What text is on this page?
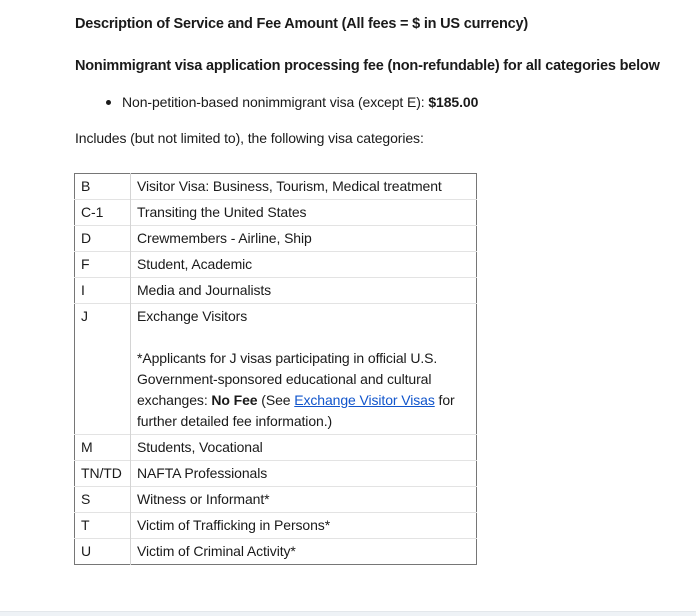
Description of Service and Fee Amount (All fees = $ in US currency)
Nonimmigrant visa application processing fee (non-refundable) for all categories below
Non-petition-based nonimmigrant visa (except E): $185.00
Includes (but not limited to), the following visa categories:
B	Visitor Visa: Business, Tourism, Medical treatment
C-1	Transiting the United States
D	Crewmembers - Airline, Ship
F	Student, Academic
I	Media and Journalists
J	Exchange Visitors
*Applicants for J visas participating in official U.S. Government-sponsored educational and cultural exchanges: No Fee (See Exchange Visitor Visas for further detailed fee information.)

M	Students, Vocational
TN/TD	NAFTA Professionals
S	Witness or Informant*
T	Victim of Trafficking in Persons*
U	Victim of Criminal Activity*
